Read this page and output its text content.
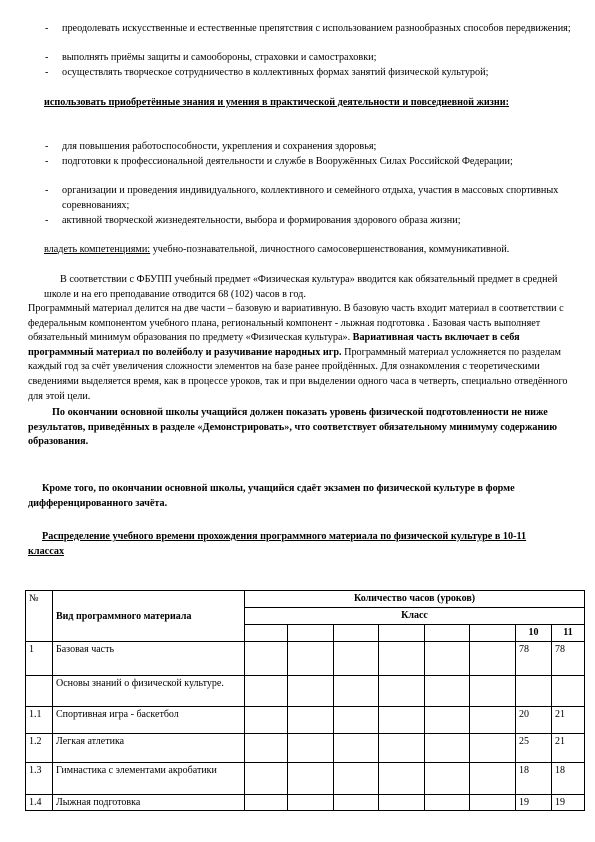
- преодолевать искусственные и естественные препятствия с использованием разнообразных способов передвижения;

- выполнять приёмы защиты и самообороны, страховки и самостраховки;

- осуществлять творческое сотрудничество в коллективных формах занятий физической культурой;

использовать приобретённые знания и умения в практической деятельности и повседневной жизни:

- для повышения работоспособности, укрепления и сохранения здоровья;

- подготовки к профессиональной деятельности и службе в Вооружённых Силах Российской Федерации;

- организации и проведения индивидуального, коллективного и семейного отдыха, участия в массовых спортивных соревнованиях;

- активной творческой жизнедеятельности, выбора и формирования здорового образа жизни;

владеть компетенциями: учебно-познавательной, личностного самосовершенствования, коммуникативной.

В соответствии с ФБУПП учебный предмет «Физическая культура» вводится как обязательный предмет в средней школе и на его преподавание отводится 68 (102) часов в год.

Программный материал делится на две части – базовую и вариативную. В базовую часть входит материал в соответствии с федеральным компонентом учебного плана, региональный компонент - лыжная подготовка . Базовая часть выполняет обязательный минимум образования по предмету «Физическая культура». Вариативная часть включает в себя программный материал по волейболу и разучивание народных игр. Программный материал усложняется по разделам каждый год за счёт увеличения сложности элементов на базе ранее пройдённых. Для ознакомления с теоретическими сведениями выделяется время, как в процессе уроков, так и при выделении одного часа в четверть, специально отведённого для этой цели.

По окончании основной школы учащийся должен показать уровень физической подготовленности не ниже результатов, приведённых в разделе «Демонстрировать», что соответствует обязательному минимуму содержанию образования.

Кроме того, по окончании основной школы, учащийся сдаёт экзамен по физической культуре в форме дифференцированного зачёта.

Распределение учебного времени прохождения программного материала по физической культуре в 10-11 классах

№	Вид программного материала	Количество часов (уроков)							
		Класс							
								10	11
1	Базовая часть							78	78
	Основы знаний о физической культуре.								
1.1	Спортивная игра - баскетбол							20	21
1.2	Легкая атлетика							25	21
1.3	Гимнастика с элементами акробатики							18	18
1.4	Лыжная подготовка							19	19
